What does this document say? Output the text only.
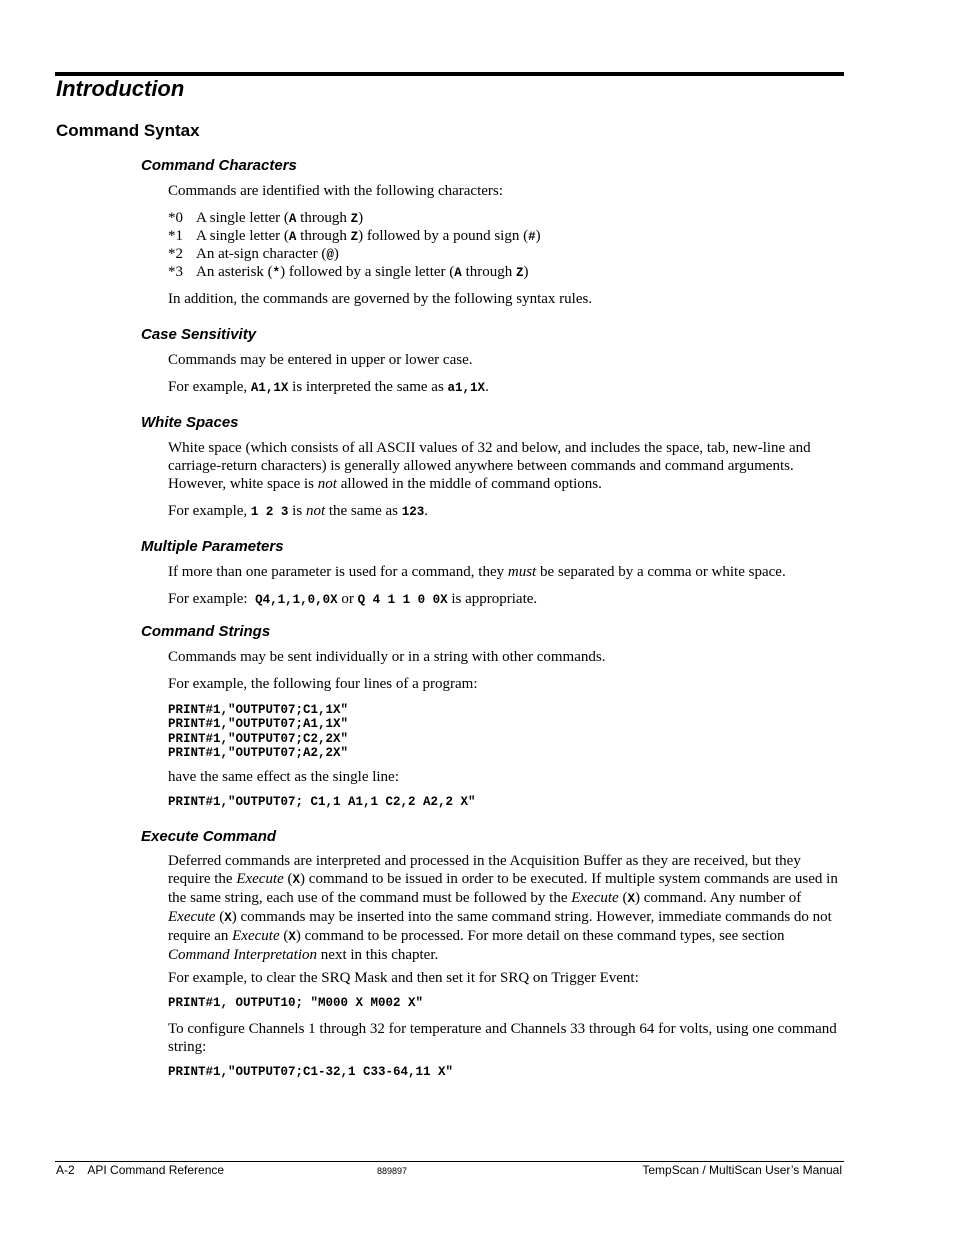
Introduction
Command Syntax
Command Characters

Commands are identified with the following characters:

*0 A single letter (A through Z)

*1 A single letter (A through Z) followed by a pound sign (#)

*2 An at-sign character (@)

*3 An asterisk (*) followed by a single letter (A through Z)

In addition, the commands are governed by the following syntax rules.

Case Sensitivity

Commands may be entered in upper or lower case.

For example, A1,1X is interpreted the same as a1,1X.

White Spaces

White space (which consists of all ASCII values of 32 and below, and includes the space, tab, new-line and carriage-return characters) is generally allowed anywhere between commands and command arguments. However, white space is not allowed in the middle of command options.

For example, 1 2 3 is not the same as 123.

Multiple Parameters

If more than one parameter is used for a command, they must be separated by a comma or white space.

For example:  Q4,1,1,0,0X or Q 4 1 1 0 0X is appropriate.

Command Strings

Commands may be sent individually or in a string with other commands.

For example, the following four lines of a program:

PRINT#1,"OUTPUT07;C1,1X"
PRINT#1,"OUTPUT07;A1,1X"
PRINT#1,"OUTPUT07;C2,2X"
PRINT#1,"OUTPUT07;A2,2X"

have the same effect as the single line:

PRINT#1,"OUTPUT07; C1,1 A1,1 C2,2 A2,2 X"
Execute Command

Deferred commands are interpreted and processed in the Acquisition Buffer as they are received, but they require the Execute (X) command to be issued in order to be executed. If multiple system commands are used in the same string, each use of the command must be followed by the Execute (X) command. Any number of Execute (X) commands may be inserted into the same command string. However, immediate commands do not require an Execute (X) command to be processed. For more detail on these command types, see section Command Interpretation next in this chapter.

For example, to clear the SRQ Mask and then set it for SRQ on Trigger Event:

PRINT#1, OUTPUT10; "M000 X M002 X"

To configure Channels 1 through 32 for temperature and Channels 33 through 64 for volts, using one command string:

PRINT#1,"OUTPUT07;C1-32,1 C33-64,11 X"

A-2    API Command Reference	889897	TempScan / MultiScan User’s Manual
